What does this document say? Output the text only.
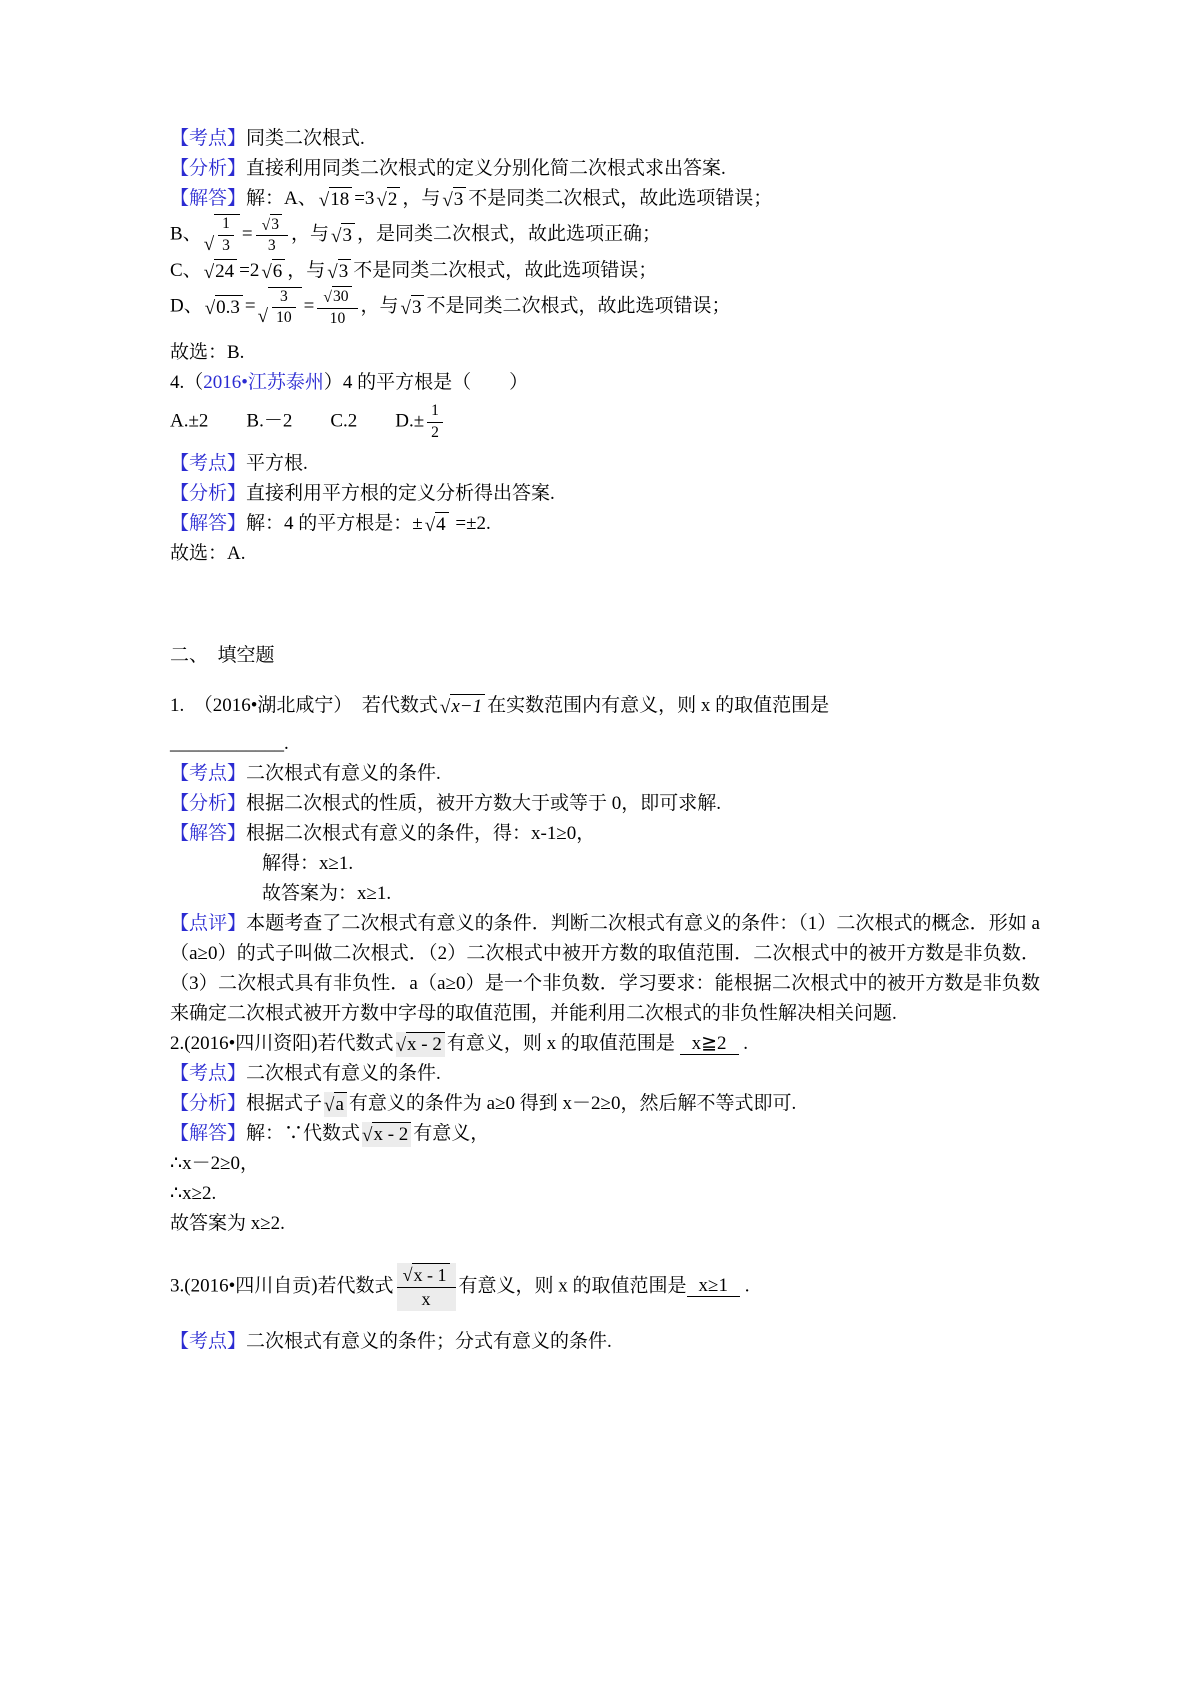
【考点】同类二次根式.
【分析】直接利用同类二次根式的定义分别化简二次根式求出答案.
【解答】解：A、 √ 18 =3 √ 2 ，与 √ 3 不是同类二次根式，故此选项错误；
B、 √ $\frac{1}{3} = \frac{√ 3}{3}$ ，与 √ 3 ，是同类二次根式，故此选项正确；
C、 √ 24 =2 √ 6 ，与 √ 3 不是同类二次根式，故此选项错误；
D、 √ 0.3 = √ $\frac{3}{10} = \frac{√ 30}{10}$ ，与 √ 3 不是同类二次根式，故此选项错误；
故选：B.
4.（2016•江苏泰州）4 的平方根是（　　）
A.±2　　B.－2　　C.2　　$D.\pm \frac{1}{2}$
【考点】平方根.
【分析】直接利用平方根的定义分析得出答案.
【解答】解：4 的平方根是：± √ 4 =±2.
故选：A.
二、　填空题
1.　（2016•湖北咸宁）　若代数式 √ x−1 在实数范围内有意义，则 x 的取值范围是
____________.
【考点】二次根式有意义的条件.
【分析】根据二次根式的性质，被开方数大于或等于 0，即可求解.
【解答】根据二次根式有意义的条件，得：x-1≥0，
解得：x≥1.
故答案为：x≥1.
【点评】本题考查了二次根式有意义的条件．判断二次根式有意义的条件：（1）二次根式的概念．形如 a（a≥0）的式子叫做二次根式．（2）二次根式中被开方数的取值范围．二次根式中的被开方数是非负数．（3）二次根式具有非负性．a（a≥0）是一个非负数．学习要求：能根据二次根式中的被开方数是非负数来确定二次根式被开方数中字母的取值范围，并能利用二次根式的非负性解决相关问题.
2.(2016•四川资阳)若代数式 √ x - 2 有意义，则 x 的取值范围是 x≧2 .
【考点】二次根式有意义的条件.
【分析】根据式子 √ a 有意义的条件为 a≥0 得到 x－2≥0，然后解不等式即可.
【解答】解：∵代数式 √ x - 2 有意义，
∴x－2≥0，
∴x≥2.
故答案为 x≥2.
3.(2016•四川自贡)若代数式 $\frac{√ x - 1}{x}$ 有意义，则 x 的取值范围是 x≥1 .
【考点】二次根式有意义的条件；分式有意义的条件.
